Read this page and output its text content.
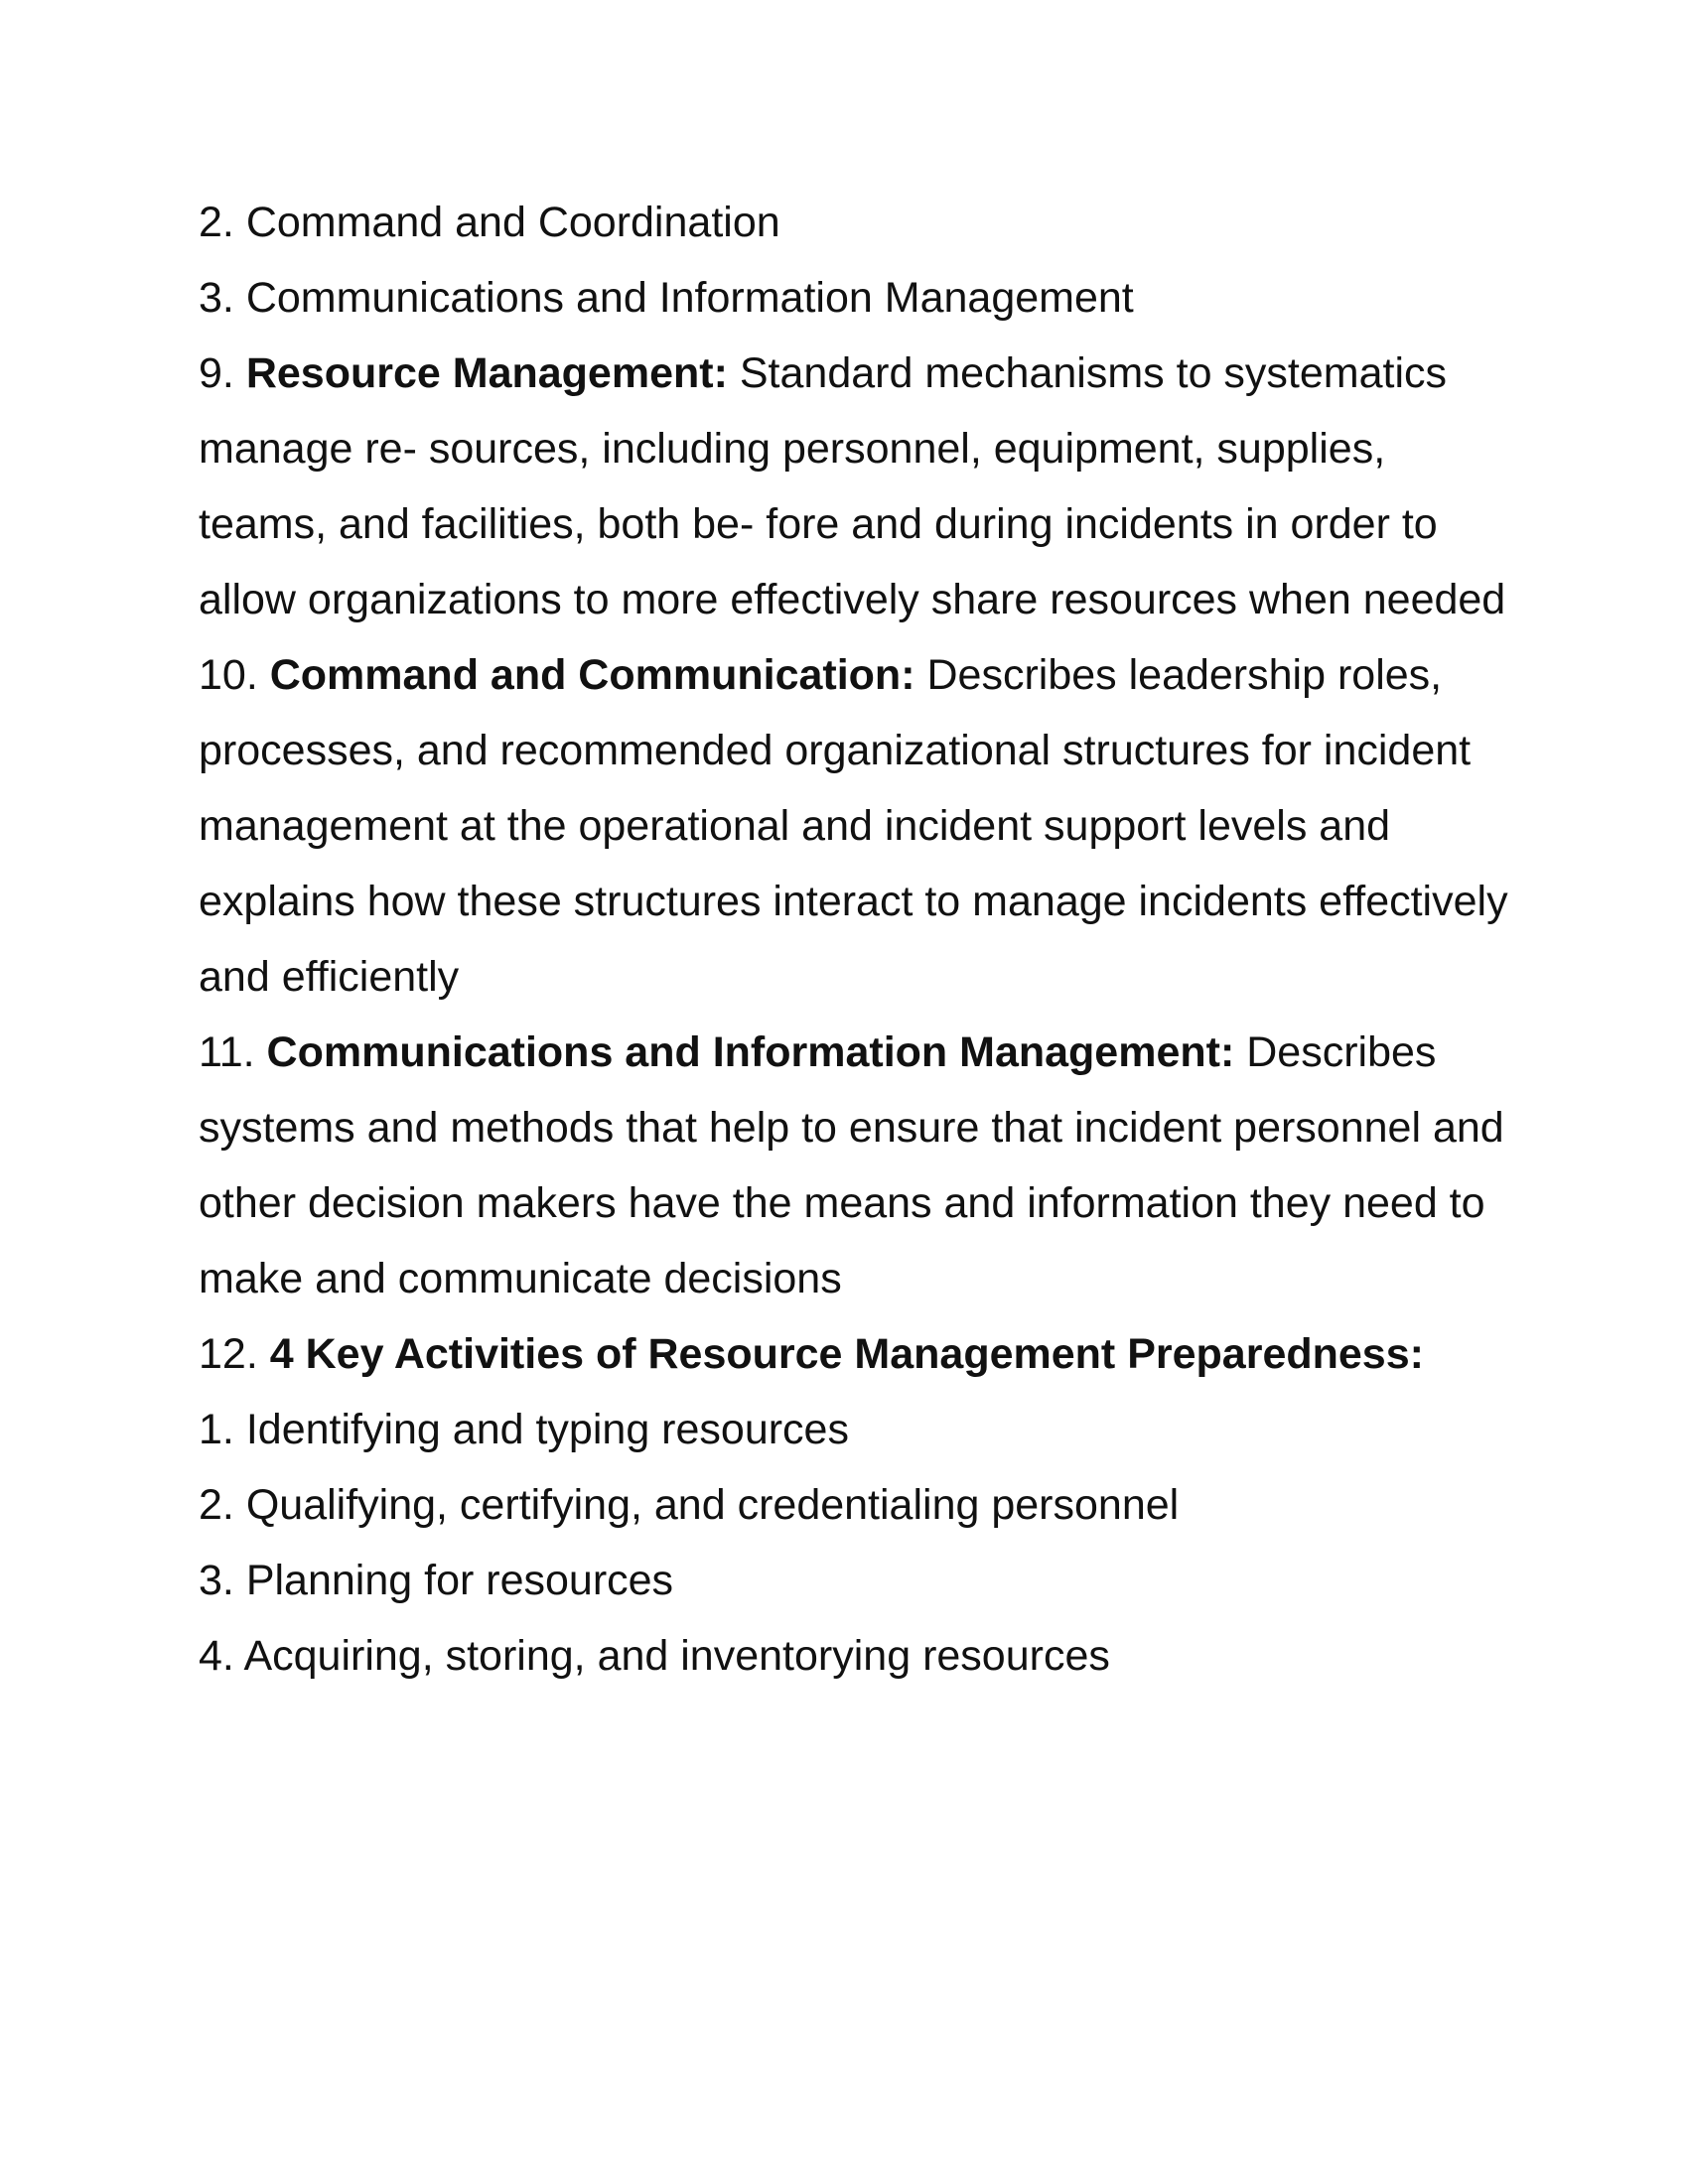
2. Command and Coordination

3. Communications and Information Management

9. Resource Management: Standard mechanisms to systematics manage re- sources, including personnel, equipment, supplies, teams, and facilities, both be- fore and during incidents in order to allow organizations to more effectively share resources when needed

10. Command and Communication: Describes leadership roles, processes, and recommended organizational structures for incident management at the operational and incident support levels and explains how these structures interact to manage incidents effectively and efficiently

11. Communications and Information Management: Describes systems and methods that help to ensure that incident personnel and other decision makers have the means and information they need to make and communicate decisions

12. 4 Key Activities of Resource Management Preparedness:

1. Identifying and typing resources

2. Qualifying, certifying, and credentialing personnel

3. Planning for resources

4. Acquiring, storing, and inventorying resources
